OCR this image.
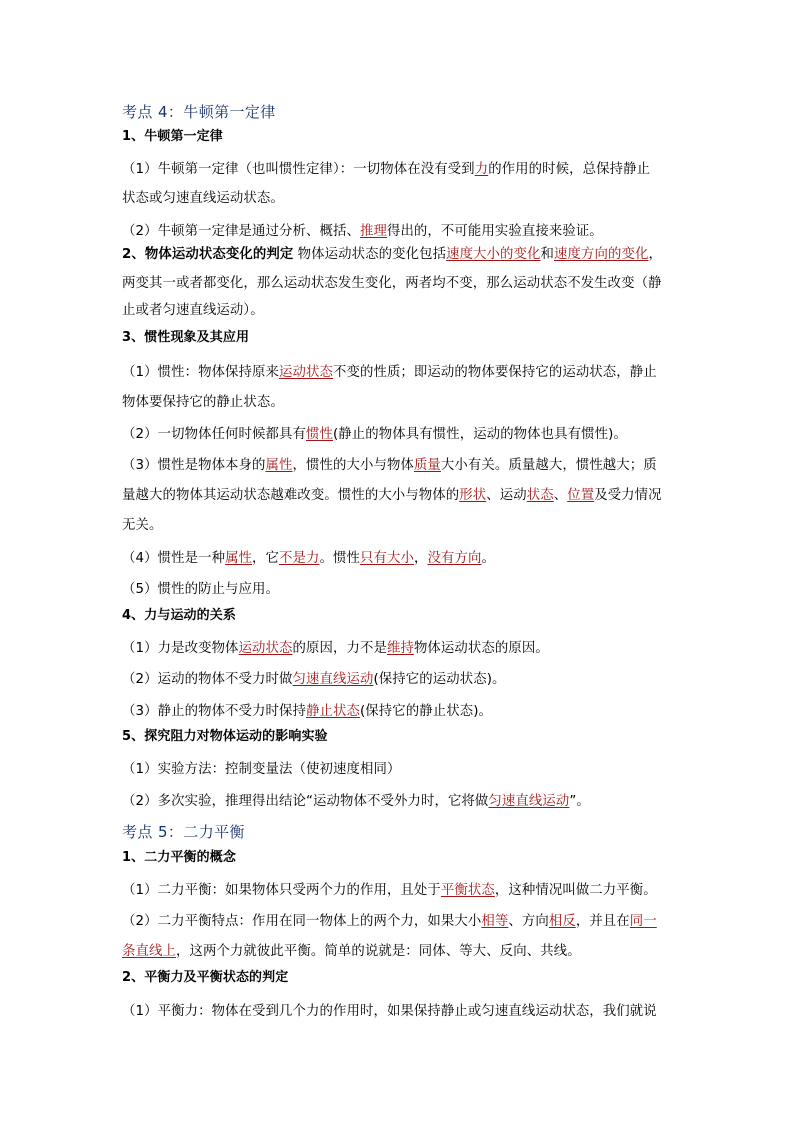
考点 4：牛顿第一定律
1、牛顿第一定律
（1）牛顿第一定律（也叫惯性定律）：一切物体在没有受到力的作用的时候，总保持静止
状态或匀速直线运动状态。
（2）牛顿第一定律是通过分析、概括、推理得出的，不可能用实验直接来验证。
2、物体运动状态变化的判定 物体运动状态的变化包括速度大小的变化和速度方向的变化，
两变其一或者都变化，那么运动状态发生变化，两者均不变，那么运动状态不发生改变（静
止或者匀速直线运动）。
3、惯性现象及其应用
（1）惯性：物体保持原来运动状态不变的性质；即运动的物体要保持它的运动状态，静止
物体要保持它的静止状态。
（2）一切物体任何时候都具有惯性(静止的物体具有惯性，运动的物体也具有惯性)。
（3）惯性是物体本身的属性，惯性的大小与物体质量大小有关。质量越大，惯性越大；质
量越大的物体其运动状态越难改变。惯性的大小与物体的形状、运动状态、位置及受力情况
无关。
（4）惯性是一种属性，它不是力。惯性只有大小，没有方向。
（5）惯性的防止与应用。
4、力与运动的关系
（1）力是改变物体运动状态的原因，力不是维持物体运动状态的原因。
（2）运动的物体不受力时做匀速直线运动(保持它的运动状态)。
（3）静止的物体不受力时保持静止状态(保持它的静止状态)。
5、探究阻力对物体运动的影响实验
（1）实验方法：控制变量法（使初速度相同）
（2）多次实验，推理得出结论“运动物体不受外力时，它将做匀速直线运动”。
考点 5：二力平衡
1、二力平衡的概念
（1）二力平衡：如果物体只受两个力的作用，且处于平衡状态，这种情况叫做二力平衡。
（2）二力平衡特点：作用在同一物体上的两个力，如果大小相等、方向相反，并且在同一
条直线上，这两个力就彼此平衡。简单的说就是：同体、等大、反向、共线。
2、平衡力及平衡状态的判定
（1）平衡力：物体在受到几个力的作用时，如果保持静止或匀速直线运动状态，我们就说
